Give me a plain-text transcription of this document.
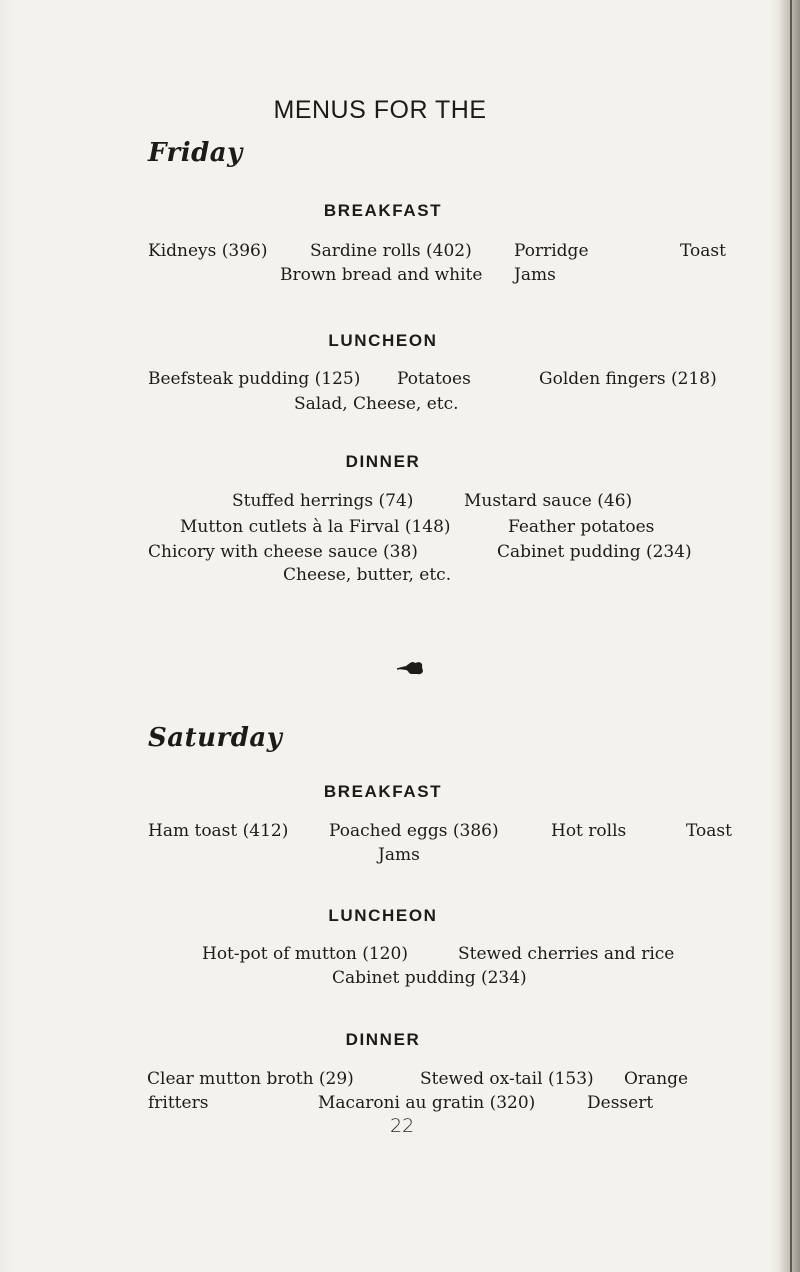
MENUS FOR THE
Friday
BREAKFAST
Kidneys (396)	Sardine rolls (402) Porridge	Toast
Brown bread and white Jams
LUNCHEON
Beefsteak pudding (125) Potatoes	Golden fingers (218)
Salad, Cheese, etc.
DINNER
Stuffed herrings (74)	Mustard sauce (46)
Mutton cutlets à la Firval (148)	Feather potatoes
Chicory with cheese sauce (38)	Cabinet pudding (234)
Cheese, butter, etc.
Saturday
BREAKFAST
Ham toast (412) Poached eggs (386)	Hot rolls	Toast
Jams
LUNCHEON
Hot-pot of mutton (120)	Stewed cherries and rice
Cabinet pudding (234)
DINNER
Clear mutton broth (29)	Stewed ox-tail (153) Orange
fritters	Macaroni au gratin (320)	Dessert
22
